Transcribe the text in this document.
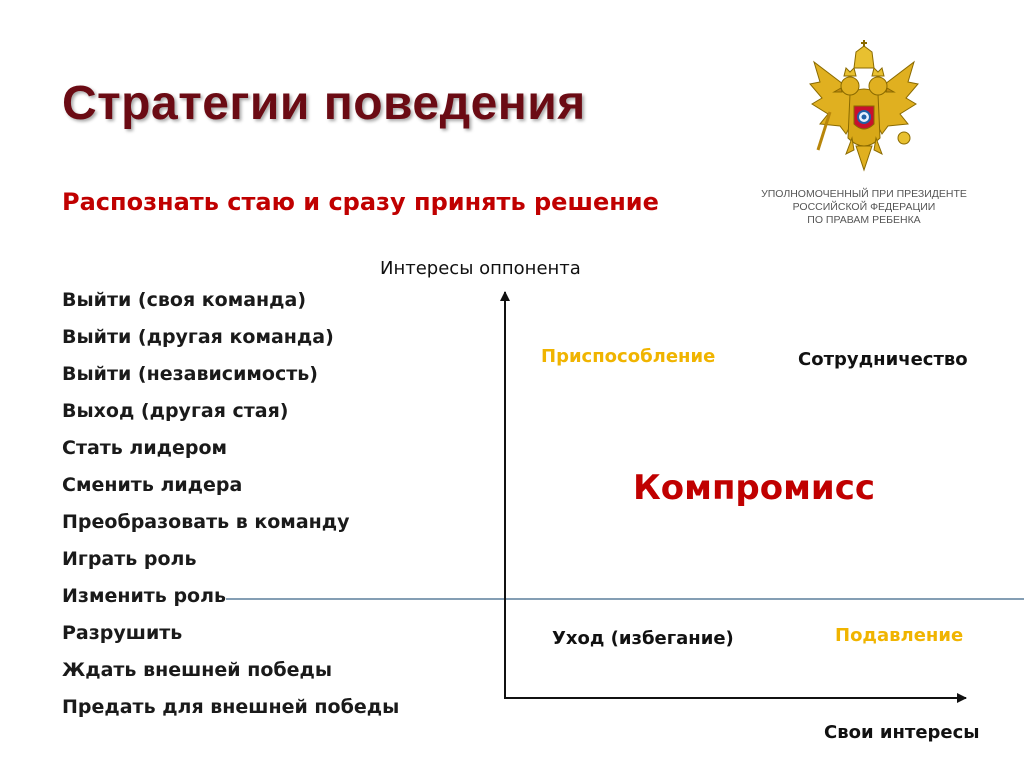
Стратегии поведения

Распознать стаю и сразу принять решение	УПОЛНОМОЧЕННЫЙ ПРИ ПРЕЗИДЕНТЕ
РОССИЙСКОЙ ФЕДЕРАЦИИ
ПО ПРАВАМ РЕБЕНКА
Выйти (своя команда)
Выйти (другая команда)
Выйти (независимость)
Выход (другая стая)
Стать лидером
Сменить лидера
Преобразовать в команду
Играть роль
Изменить роль
Разрушить
Ждать внешней победы
Предать для внешней победы
Интересы оппонента
Приспособление	Сотрудничество
Компромисс
Уход (избегание)	Подавление
Свои интересы
